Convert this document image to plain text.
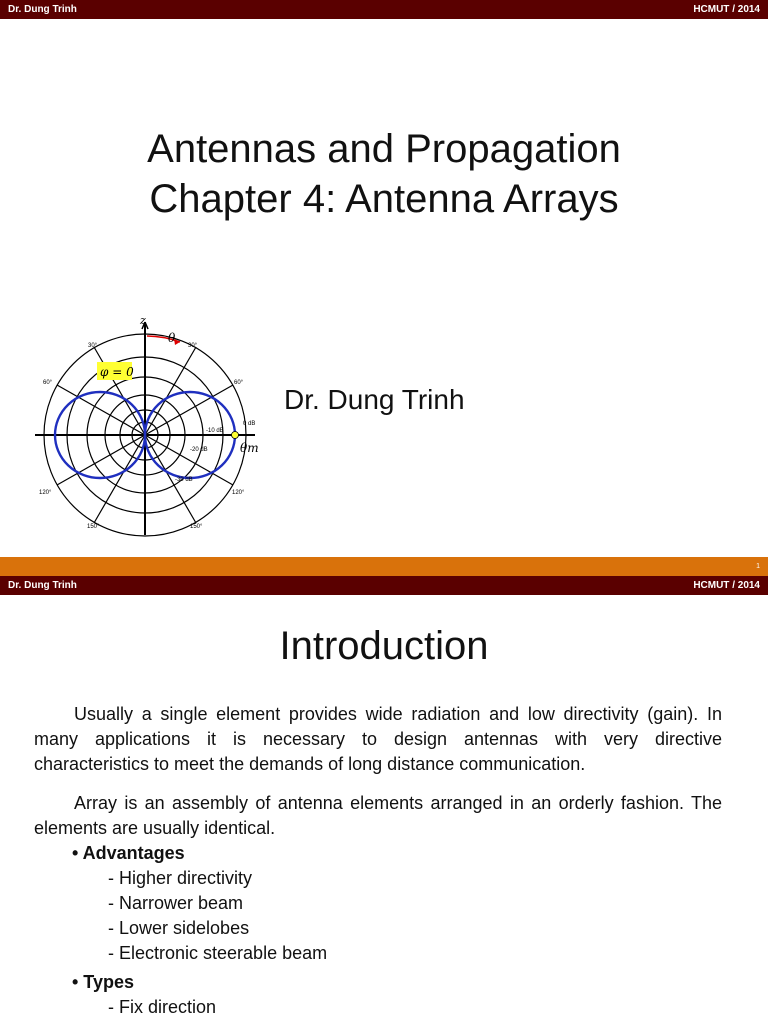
Dr. Dung Trinh	HCMUT / 2014
Antennas and Propagation
Chapter 4: Antenna Arrays
z
θ
φ = 0
θm
30°	30°
60°	60°
120°	120°
150°	150°
0 dB
-10 dB
-20 dB
-30 dB
Dr. Dung Trinh
1
Dr. Dung Trinh	HCMUT / 2014
Introduction

Usually a single element provides wide radiation and low directivity (gain). In many applications it is necessary to design antennas with very directive characteristics to meet the demands of long distance communication.

Array is an assembly of antenna elements arranged in an orderly fashion. The elements are usually identical.

• Advantages
- Higher directivity
- Narrower beam
- Lower sidelobes
- Electronic steerable beam
• Types
- Fix direction
